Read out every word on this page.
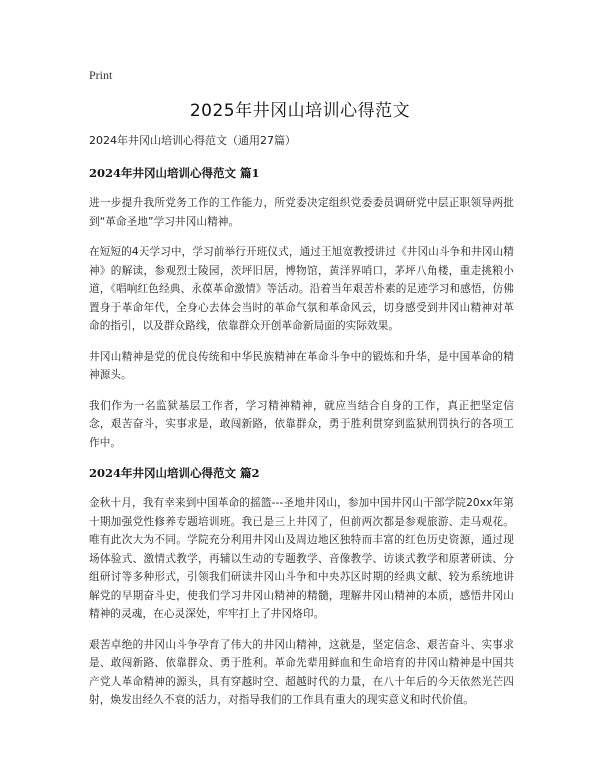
Print
2025年井冈山培训心得范文

2024年井冈山培训心得范文（通用27篇）

2024年井冈山培训心得范文 篇1

进一步提升我所党务工作的工作能力，所党委决定组织党委委员调研党中层正职领导两批到“革命圣地”学习井冈山精神。

在短短的4天学习中，学习前举行开班仪式，通过王旭宽教授讲过《井冈山斗争和井冈山精神》的解读，参观烈士陵园，茨坪旧居，博物馆，黄洋界哨口，茅坪八角楼，重走挑粮小道，《唱响红色经典、永葆革命激情》等活动。沿着当年艰苦朴素的足迹学习和感悟，仿佛置身于革命年代，全身心去体会当时的革命气氛和革命风云，切身感受到井冈山精神对革命的指引，以及群众路线，依靠群众开创革命新局面的实际效果。

井冈山精神是党的优良传统和中华民族精神在革命斗争中的锻炼和升华，是中国革命的精神源头。

我们作为一名监狱基层工作者，学习精神精神，就应当结合自身的工作，真正把坚定信念，艰苦奋斗，实事求是，敢闯新路，依靠群众，勇于胜利贯穿到监狱刑罚执行的各项工作中。

2024年井冈山培训心得范文 篇2

金秋十月，我有幸来到中国革命的摇篮---圣地井冈山，参加中国井冈山干部学院20xx年第十期加强党性修养专题培训班。我已是三上井冈了，但前两次都是参观旅游、走马观花。唯有此次大为不同。学院充分利用井冈山及周边地区独特而丰富的红色历史资源，通过现场体验式、激情式教学，再辅以生动的专题教学、音像教学、访谈式教学和原著研读、分组研讨等多种形式，引领我们研读井冈山斗争和中央苏区时期的经典文献、较为系统地讲解党的早期奋斗史，使我们学习井冈山精神的精髓，理解井冈山精神的本质，感悟井冈山精神的灵魂，在心灵深处，牢牢打上了井冈烙印。

艰苦卓绝的井冈山斗争孕育了伟大的井冈山精神，这就是，坚定信念、艰苦奋斗、实事求是、敢闯新路、依靠群众、勇于胜利。革命先辈用鲜血和生命培育的井冈山精神是中国共产党人革命精神的源头，具有穿越时空、超越时代的力量，在八十年后的今天依然光芒四射，焕发出经久不衰的活力，对指导我们的工作具有重大的现实意义和时代价值。
